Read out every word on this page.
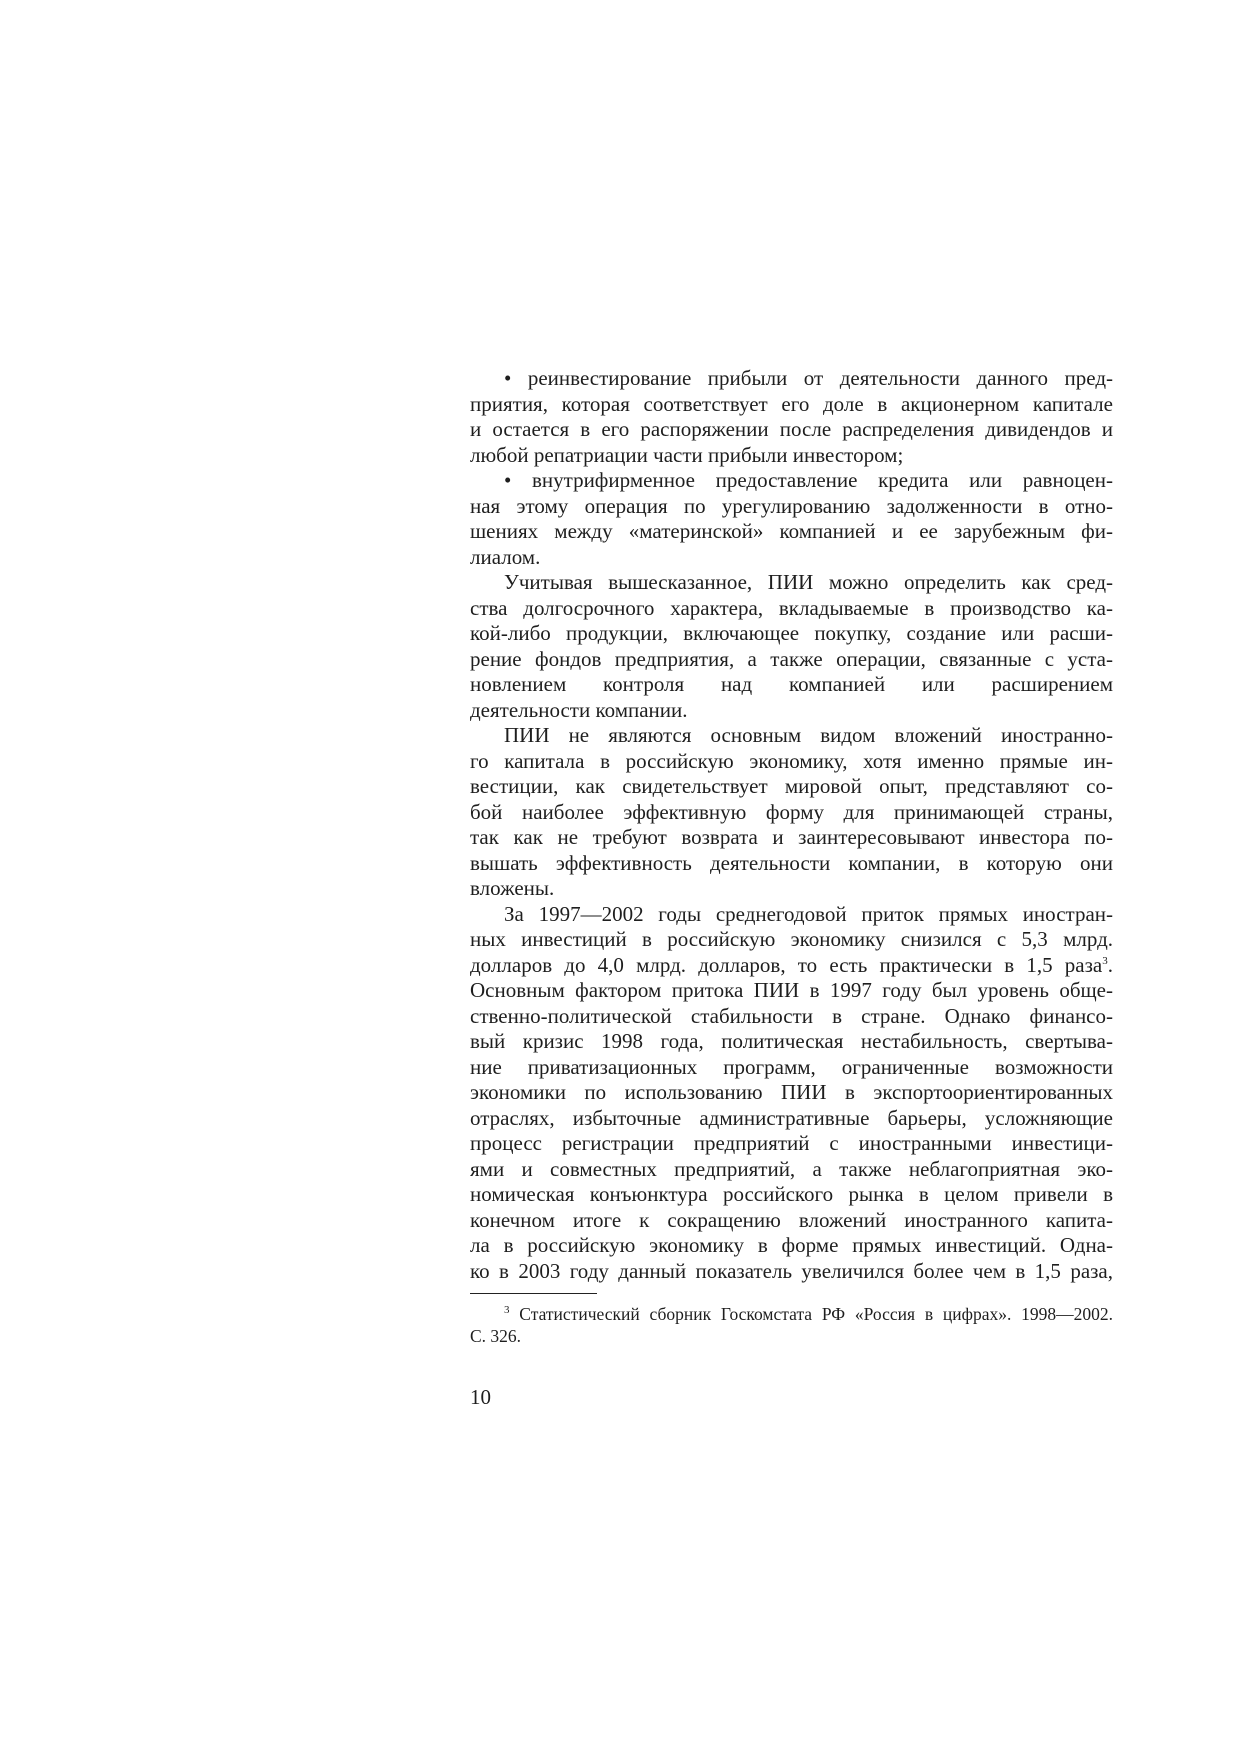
• реинвестирование прибыли от деятельности данного пред-
приятия, которая соответствует его доле в акционерном капитале
и остается в его распоряжении после распределения дивидендов и
любой репатриации части прибыли инвестором;
• внутрифирменное предоставление кредита или равноцен-
ная этому операция по урегулированию задолженности в отно-
шениях между «материнской» компанией и ее зарубежным фи-
лиалом.
Учитывая вышесказанное, ПИИ можно определить как сред-
ства долгосрочного характера, вкладываемые в производство ка-
кой-либо продукции, включающее покупку, создание или расши-
рение фондов предприятия, а также операции, связанные с уста-
новлением контроля над компанией или расширением
деятельности компании.
ПИИ не являются основным видом вложений иностранно-
го капитала в российскую экономику, хотя именно прямые ин-
вестиции, как свидетельствует мировой опыт, представляют со-
бой наиболее эффективную форму для принимающей страны,
так как не требуют возврата и заинтересовывают инвестора по-
вышать эффективность деятельности компании, в которую они
вложены.
За 1997—2002 годы среднегодовой приток прямых иностран-
ных инвестиций в российскую экономику снизился с 5,3 млрд.
долларов до 4,0 млрд. долларов, то есть практически в 1,5 раза$^3$.
Основным фактором притока ПИИ в 1997 году был уровень обще-
ственно-политической стабильности в стране. Однако финансо-
вый кризис 1998 года, политическая нестабильность, свертыва-
ние приватизационных программ, ограниченные возможности
экономики по использованию ПИИ в экспортоориентированных
отраслях, избыточные административные барьеры, усложняющие
процесс регистрации предприятий с иностранными инвестици-
ями и совместных предприятий, а также неблагоприятная эко-
номическая конъюнктура российского рынка в целом привели в
конечном итоге к сокращению вложений иностранного капита-
ла в российскую экономику в форме прямых инвестиций. Одна-
ко в 2003 году данный показатель увеличился более чем в 1,5 раза,
$^3$ Статистический сборник Госкомстата РФ «Россия в цифрах». 1998—2002.
С. 326.
10
